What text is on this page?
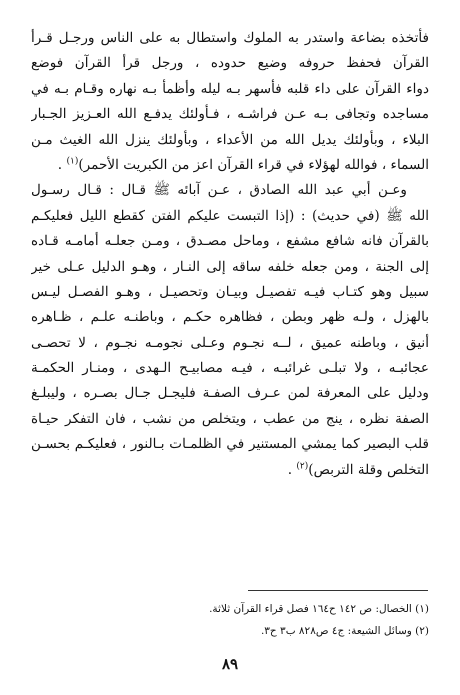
فأتخذه بضاعة واستدر به الملوك واستطال به على الناس ورجـل قـرأ
القرآن فحفظ حروفه وضيع حدوده ، ورجل قرأ القرآن فوضع
دواء القرآن على داء قلبه فأسهر بـه ليله وأظمأ بـه نهاره وقـام بـه في
مساجده وتجافى بـه عـن فراشـه ، فـأولئك يدفـع الله العـزيز الجـبار
البلاء ، وبأولئك يديل الله من الأعداء ، وبأولئك ينزل الله الغيث مـن
السماء ، فوالله لهؤلاء في قراء القرآن اعز من الكبريت الأحمر)$^{(١)}$ .
وعـن أبي عبد الله الصادق ، عـن آبائه ﷺ قـال : قـال رسـول
الله ﷺ (في حديث) : (إذا التبست عليكم الفتن كقطع الليل فعليكـم
بالقرآن فانه شافع مشفع ، وماحل مصـدق ، ومـن جعلـه أمامـه قـاده
إلى الجنة ، ومن جعله خلفه ساقه إلى النـار ، وهـو الدليل عـلى خير
سبيل وهو كتـاب فيـه تفصيـل وبيـان وتحصيـل ، وهـو الفصـل ليـس
بالهزل ، ولـه ظهر وبطن ، فظاهره حكـم ، وباطنـه علـم ، ظـاهره
أنيق ، وباطنه عميق ، لــه نجـوم وعـلى نجومـه نجـوم ، لا تحصـى
عجائبـه ، ولا تبلـى غرائبـه ، فيـه مصابيـح الـهدى ، ومنـار الحكمـة
ودليل على المعرفة لمن عـرف الصفـة فليجـل جـال بصـره ، وليبلـغ
الصفة نظره ، ينج من عطب ، ويتخلص من نشب ، فان التفكر حيـاة
قلب البصير كما يمشي المستنير في الظلمـات بـالنور ، فعليكـم بحسـن
التخلص وقلة التربص)$^{(٢)}$ .
(١) الخصال: ص ١٤٢ ح١٦٤ فصل قراء القرآن ثلاثة.
(٢) وسائل الشيعة: ج٤ ص٨٢٨ ب٣ ح٣.
٨٩
